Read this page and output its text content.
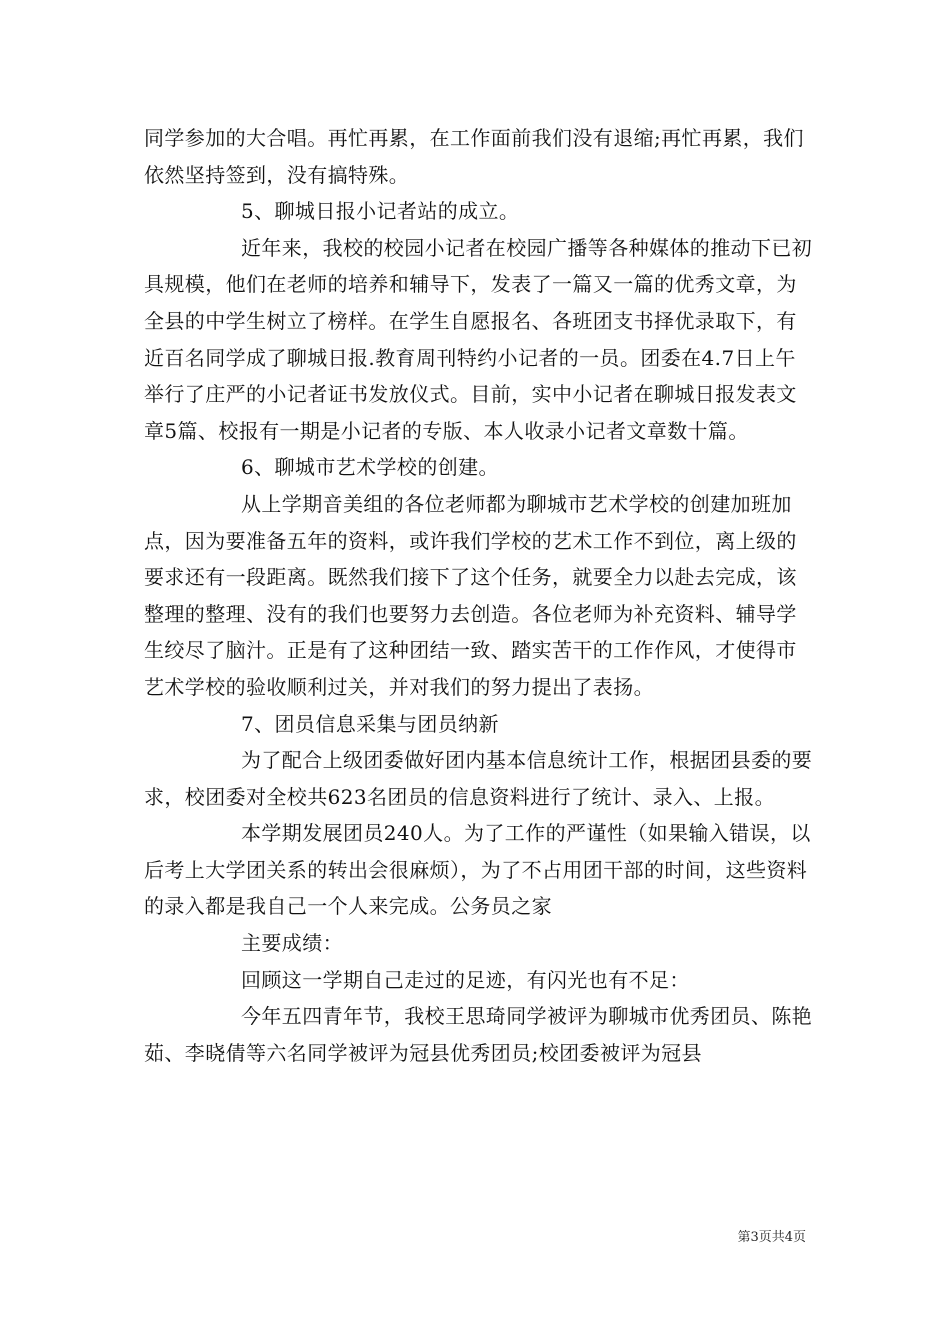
同学参加的大合唱。再忙再累，在工作面前我们没有退缩;再忙再累，我们依然坚持签到，没有搞特殊。

5、聊城日报小记者站的成立。

近年来，我校的校园小记者在校园广播等各种媒体的推动下已初具规模，他们在老师的培养和辅导下，发表了一篇又一篇的优秀文章，为全县的中学生树立了榜样。在学生自愿报名、各班团支书择优录取下，有近百名同学成了聊城日报.教育周刊特约小记者的一员。团委在4.7日上午举行了庄严的小记者证书发放仪式。目前，实中小记者在聊城日报发表文章5篇、校报有一期是小记者的专版、本人收录小记者文章数十篇。

6、聊城市艺术学校的创建。

从上学期音美组的各位老师都为聊城市艺术学校的创建加班加点，因为要准备五年的资料，或许我们学校的艺术工作不到位，离上级的要求还有一段距离。既然我们接下了这个任务，就要全力以赴去完成，该整理的整理、没有的我们也要努力去创造。各位老师为补充资料、辅导学生绞尽了脑汁。正是有了这种团结一致、踏实苦干的工作作风，才使得市艺术学校的验收顺利过关，并对我们的努力提出了表扬。

7、团员信息采集与团员纳新

为了配合上级团委做好团内基本信息统计工作，根据团县委的要求，校团委对全校共623名团员的信息资料进行了统计、录入、上报。

本学期发展团员240人。为了工作的严谨性（如果输入错误，以后考上大学团关系的转出会很麻烦），为了不占用团干部的时间，这些资料的录入都是我自己一个人来完成。公务员之家

主要成绩：

回顾这一学期自己走过的足迹，有闪光也有不足：

今年五四青年节，我校王思琦同学被评为聊城市优秀团员、陈艳茹、李晓倩等六名同学被评为冠县优秀团员;校团委被评为冠县

第3页共4页
